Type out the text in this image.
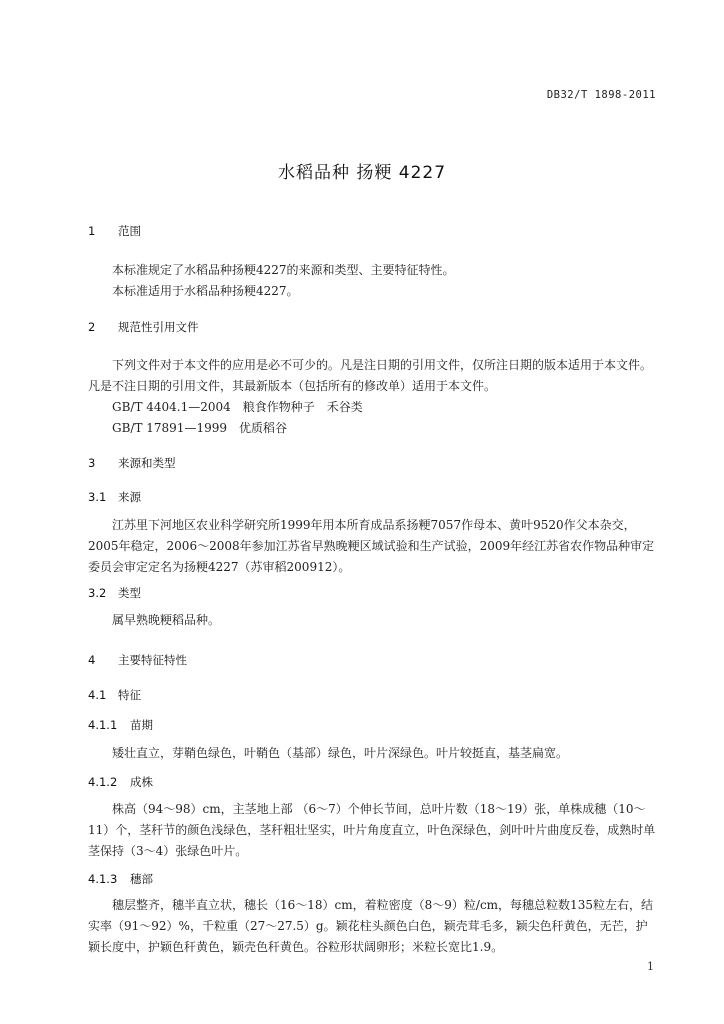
DB32/T 1898-2011
水稻品种 扬粳 4227
1 范围
本标准规定了水稻品种扬粳4227的来源和类型、主要特征特性。
本标准适用于水稻品种扬粳4227。
2 规范性引用文件
下列文件对于本文件的应用是必不可少的。凡是注日期的引用文件，仅所注日期的版本适用于本文件。凡是不注日期的引用文件，其最新版本（包括所有的修改单）适用于本文件。
GB/T 4404.1—2004　粮食作物种子　禾谷类
GB/T 17891—1999　优质稻谷
3 来源和类型
3.1 来源
江苏里下河地区农业科学研究所1999年用本所育成品系扬粳7057作母本、黄叶9520作父本杂交，2005年稳定，2006～2008年参加江苏省早熟晚粳区域试验和生产试验，2009年经江苏省农作物品种审定委员会审定定名为扬粳4227（苏审稻200912）。
3.2 类型
属早熟晚粳稻品种。
4 主要特征特性
4.1 特征
4.1.1 苗期
矮壮直立，芽鞘色绿色，叶鞘色（基部）绿色，叶片深绿色。叶片较挺直，基茎扁宽。
4.1.2 成株
株高（94～98）cm，主茎地上部 （6～7）个伸长节间，总叶片数（18～19）张，单株成穗（10～11）个，茎秆节的颜色浅绿色，茎秆粗壮坚实，叶片角度直立，叶色深绿色，剑叶叶片曲度反卷，成熟时单茎保持（3～4）张绿色叶片。
4.1.3 穗部
穗层整齐，穗半直立状，穗长（16～18）cm，着粒密度（8～9）粒/cm，每穗总粒数135粒左右，结实率（91～92）%，千粒重（27～27.5）g。颖花柱头颜色白色，颖壳茸毛多，颖尖色秆黄色，无芒，护颖长度中，护颖色秆黄色，颖壳色秆黄色。谷粒形状阔卵形；米粒长宽比1.9。
1
